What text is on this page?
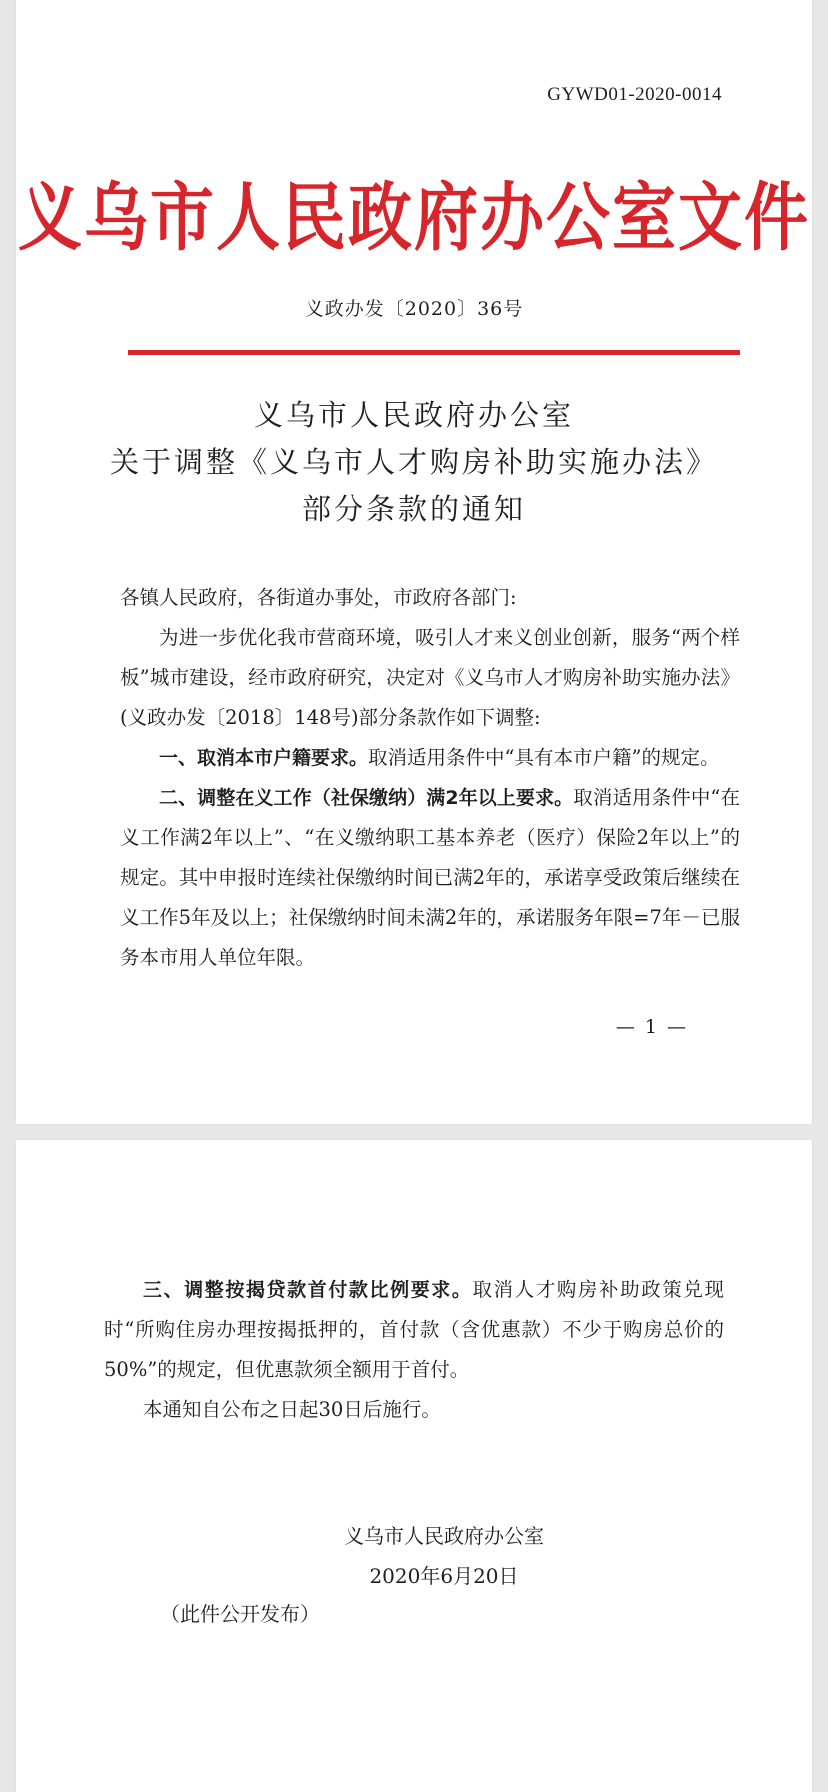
GYWD01-2020-0014
义乌市人民政府办公室文件
义政办发〔2020〕36号
义乌市人民政府办公室
关于调整《义乌市人才购房补助实施办法》
部分条款的通知
各镇人民政府，各街道办事处，市政府各部门:
为进一步优化我市营商环境，吸引人才来义创业创新，服务“两个样板”城市建设，经市政府研究，决定对《义乌市人才购房补助实施办法》(义政办发〔2018〕148号)部分条款作如下调整:
一、取消本市户籍要求。取消适用条件中“具有本市户籍”的规定。
二、调整在义工作（社保缴纳）满2年以上要求。取消适用条件中“在义工作满2年以上”、“在义缴纳职工基本养老（医疗）保险2年以上”的规定。其中申报时连续社保缴纳时间已满2年的，承诺享受政策后继续在义工作5年及以上；社保缴纳时间未满2年的，承诺服务年限=7年－已服务本市用人单位年限。
— 1 —
三、调整按揭贷款首付款比例要求。取消人才购房补助政策兑现时“所购住房办理按揭抵押的，首付款（含优惠款）不少于购房总价的50%”的规定，但优惠款须全额用于首付。
本通知自公布之日起30日后施行。
义乌市人民政府办公室
2020年6月20日
（此件公开发布）
